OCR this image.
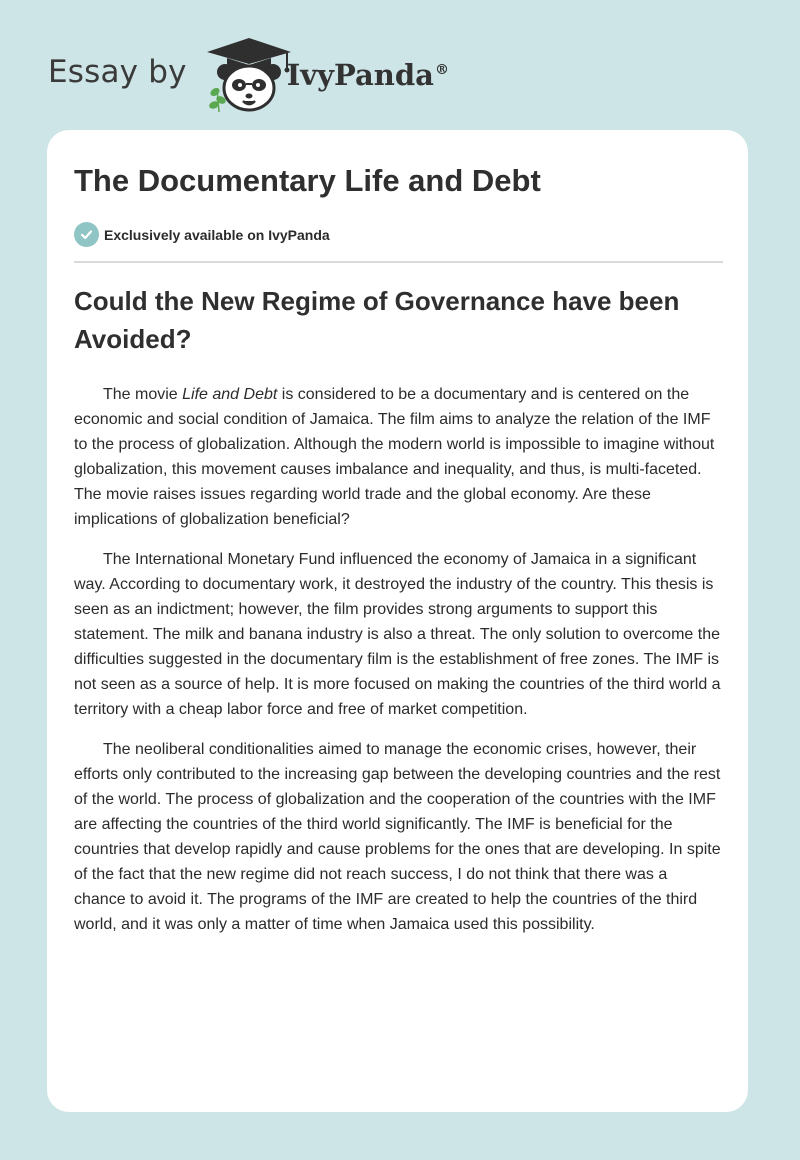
Essay by	IvyPanda®
The Documentary Life and Debt
Exclusively available on IvyPanda
Could the New Regime of Governance have been Avoided?

The movie Life and Debt is considered to be a documentary and is centered on the economic and social condition of Jamaica. The film aims to analyze the relation of the IMF to the process of globalization. Although the modern world is impossible to imagine without globalization, this movement causes imbalance and inequality, and thus, is multi-faceted. The movie raises issues regarding world trade and the global economy. Are these implications of globalization beneficial?

The International Monetary Fund influenced the economy of Jamaica in a significant way. According to documentary work, it destroyed the industry of the country. This thesis is seen as an indictment; however, the film provides strong arguments to support this statement. The milk and banana industry is also a threat. The only solution to overcome the difficulties suggested in the documentary film is the establishment of free zones. The IMF is not seen as a source of help. It is more focused on making the countries of the third world a territory with a cheap labor force and free of market competition.

The neoliberal conditionalities aimed to manage the economic crises, however, their efforts only contributed to the increasing gap between the developing countries and the rest of the world. The process of globalization and the cooperation of the countries with the IMF are affecting the countries of the third world significantly. The IMF is beneficial for the countries that develop rapidly and cause problems for the ones that are developing. In spite of the fact that the new regime did not reach success, I do not think that there was a chance to avoid it. The programs of the IMF are created to help the countries of the third world, and it was only a matter of time when Jamaica used this possibility.
